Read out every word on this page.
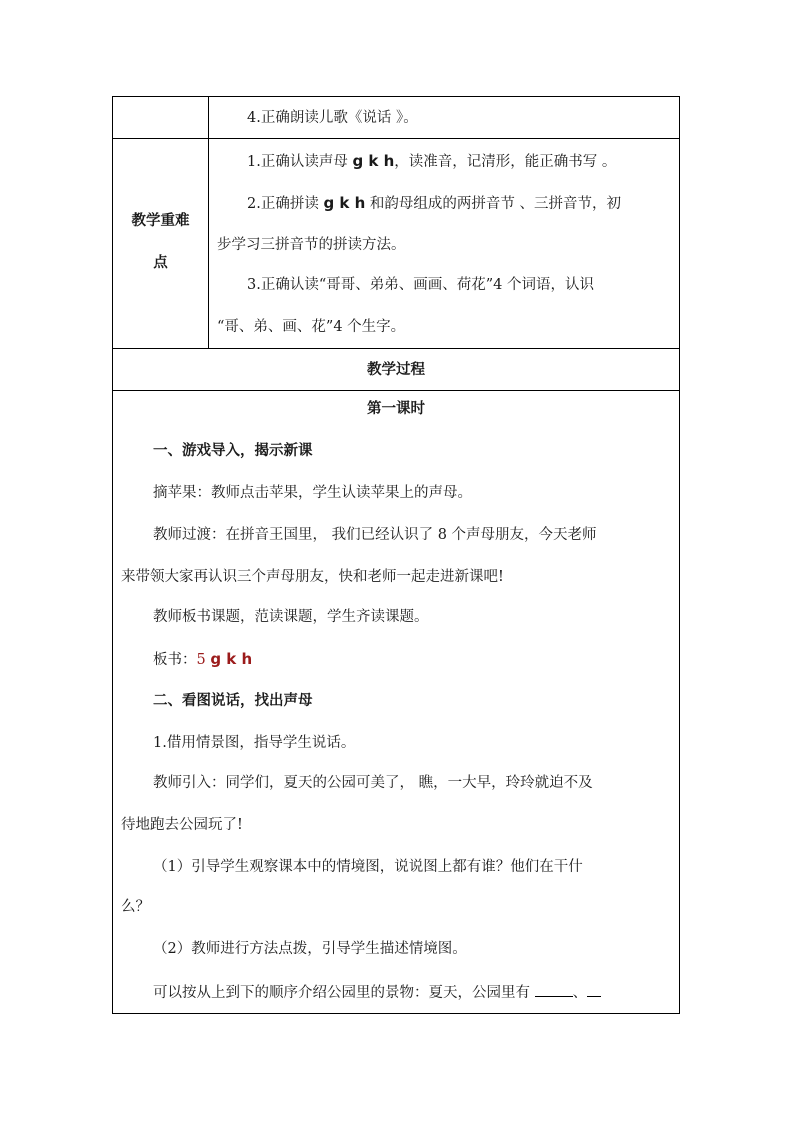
4.正确朗读儿歌《说话 》。
教学重难
点
1.正确认读声母 g k h，读准音，记清形，能正确书写 。
2.正确拼读 g k h 和韵母组成的两拼音节 、三拼音节，初
步学习三拼音节的拼读方法。
3.正确认读“哥哥、弟弟、画画、荷花”4 个词语，认识
“哥、弟、画、花”4 个生字。
教学过程
第一课时
一、游戏导入，揭示新课
摘苹果：教师点击苹果，学生认读苹果上的声母。
教师过渡：在拼音王国里， 我们已经认识了 8 个声母朋友，今天老师
来带领大家再认识三个声母朋友，快和老师一起走进新课吧!
教师板书课题，范读课题，学生齐读课题。
板书：5 g k h
二、看图说话，找出声母
1.借用情景图，指导学生说话。
教师引入：同学们，夏天的公园可美了， 瞧，一大早，玲玲就迫不及
待地跑去公园玩了!
（1）引导学生观察课本中的情境图，说说图上都有谁？他们在干什
么？
（2）教师进行方法点拨，引导学生描述情境图。
可以按从上到下的顺序介绍公园里的景物：夏天，公园里有	、
